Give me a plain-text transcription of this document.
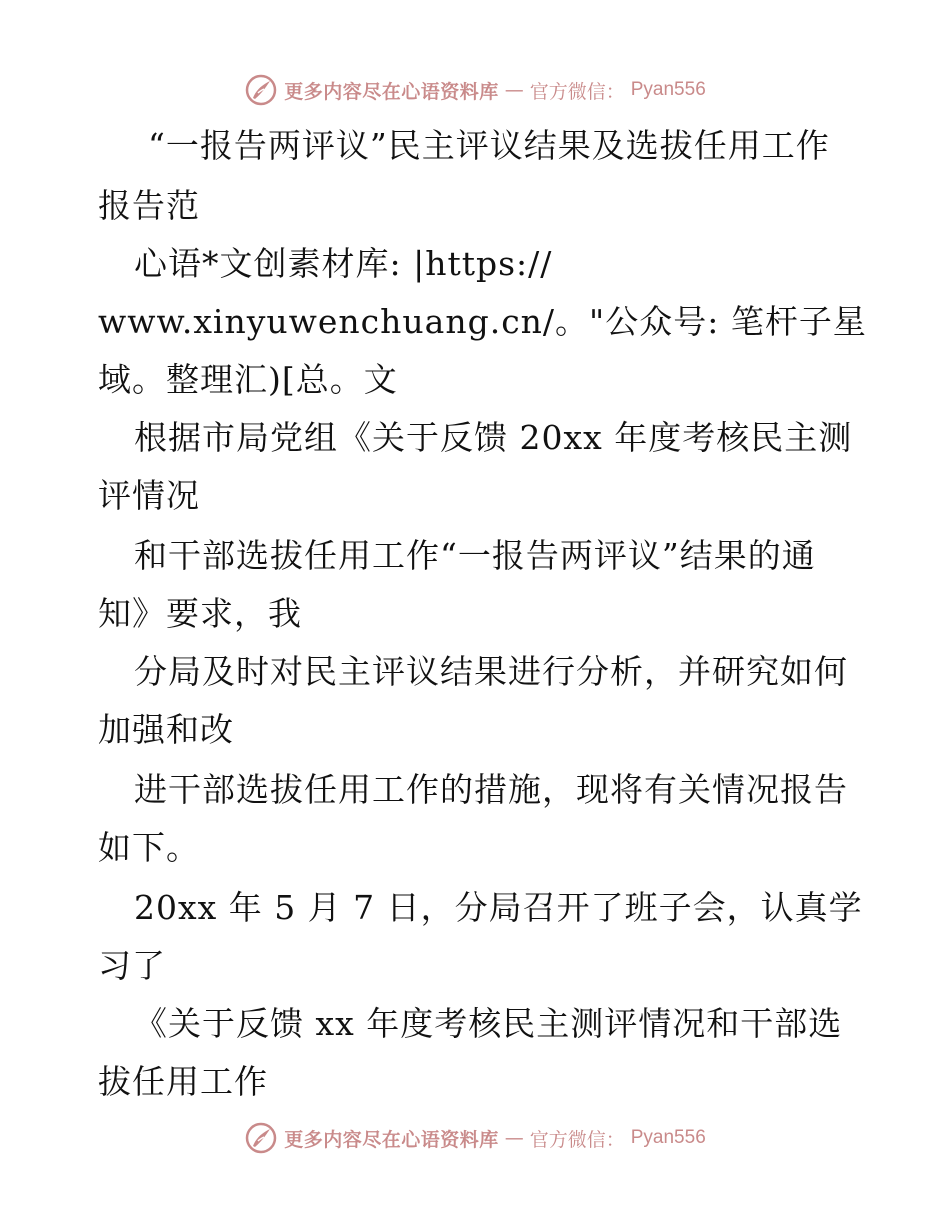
更多内容尽在心语资料库 — 官方微信： Pyan556
“一报告两评议”民主评议结果及选拔任用工作
报告范
心语*文创素材库: |https://
www.xinyuwenchuang.cn/。"公众号: 笔杆子星
域。整理汇)[总。文
根据市局党组《关于反馈 20xx 年度考核民主测
评情况
和干部选拔任用工作“一报告两评议”结果的通
知》要求，我
分局及时对民主评议结果进行分析，并研究如何
加强和改
进干部选拔任用工作的措施，现将有关情况报告
如下。
20xx 年 5 月 7 日，分局召开了班子会，认真学
习了
《关于反馈 xx 年度考核民主测评情况和干部选
拔任用工作
更多内容尽在心语资料库 — 官方微信： Pyan556
